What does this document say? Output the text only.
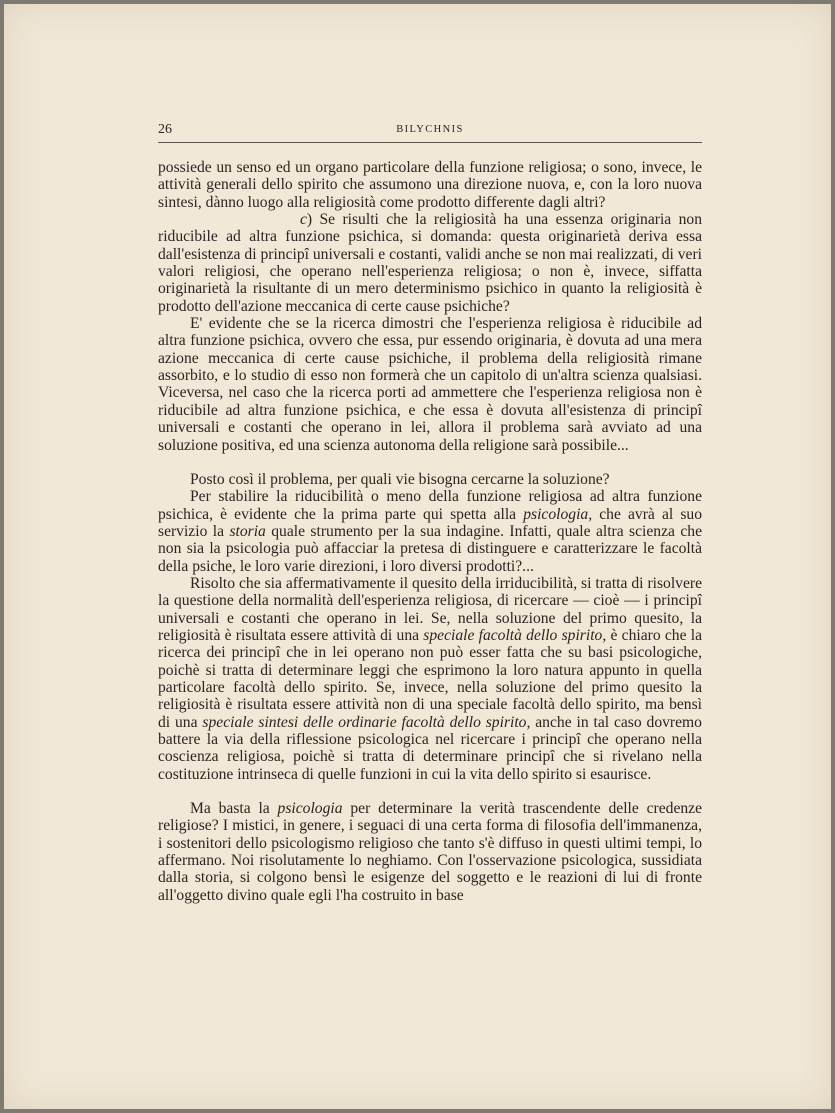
26	BILYCHNIS

possiede un senso ed un organo particolare della funzione religiosa; o sono, invece, le attività generali dello spirito che assumono una direzione nuova, e, con la loro nuova sintesi, dànno luogo alla religiosità come prodotto differente dagli altri?

c) Se risulti che la religiosità ha una essenza originaria non riducibile ad altra funzione psichica, si domanda: questa originarietà deriva essa dall'esistenza di principî universali e costanti, validi anche se non mai realizzati, di veri valori religiosi, che operano nell'esperienza religiosa; o non è, invece, siffatta originarietà la risultante di un mero determinismo psichico in quanto la religiosità è prodotto dell'azione meccanica di certe cause psichiche?

E' evidente che se la ricerca dimostri che l'esperienza religiosa è riducibile ad altra funzione psichica, ovvero che essa, pur essendo originaria, è dovuta ad una mera azione meccanica di certe cause psichiche, il problema della religiosità rimane assorbito, e lo studio di esso non formerà che un capitolo di un'altra scienza qualsiasi. Viceversa, nel caso che la ricerca porti ad ammettere che l'esperienza religiosa non è riducibile ad altra funzione psichica, e che essa è dovuta all'esistenza di principî universali e costanti che operano in lei, allora il problema sarà avviato ad una soluzione positiva, ed una scienza autonoma della religione sarà possibile...

Posto così il problema, per quali vie bisogna cercarne la soluzione?

Per stabilire la riducibilità o meno della funzione religiosa ad altra funzione psichica, è evidente che la prima parte qui spetta alla psicologia, che avrà al suo servizio la storia quale strumento per la sua indagine. Infatti, quale altra scienza che non sia la psicologia può affacciar la pretesa di distinguere e caratterizzare le facoltà della psiche, le loro varie direzioni, i loro diversi prodotti?...

Risolto che sia affermativamente il quesito della irriducibilità, si tratta di risolvere la questione della normalità dell'esperienza religiosa, di ricercare — cioè — i principî universali e costanti che operano in lei. Se, nella soluzione del primo quesito, la religiosità è risultata essere attività di una speciale facoltà dello spirito, è chiaro che la ricerca dei principî che in lei operano non può esser fatta che su basi psicologiche, poichè si tratta di determinare leggi che esprimono la loro natura appunto in quella particolare facoltà dello spirito. Se, invece, nella soluzione del primo quesito la religiosità è risultata essere attività non di una speciale facoltà dello spirito, ma bensì di una speciale sintesi delle ordinarie facoltà dello spirito, anche in tal caso dovremo battere la via della riflessione psicologica nel ricercare i principî che operano nella coscienza religiosa, poichè si tratta di determinare principî che si rivelano nella costituzione intrinseca di quelle funzioni in cui la vita dello spirito si esaurisce.

Ma basta la psicologia per determinare la verità trascendente delle credenze religiose? I mistici, in genere, i seguaci di una certa forma di filosofia dell'immanenza, i sostenitori dello psicologismo religioso che tanto s'è diffuso in questi ultimi tempi, lo affermano. Noi risolutamente lo neghiamo. Con l'osservazione psicologica, sussidiata dalla storia, si colgono bensì le esigenze del soggetto e le reazioni di lui di fronte all'oggetto divino quale egli l'ha costruito in base
